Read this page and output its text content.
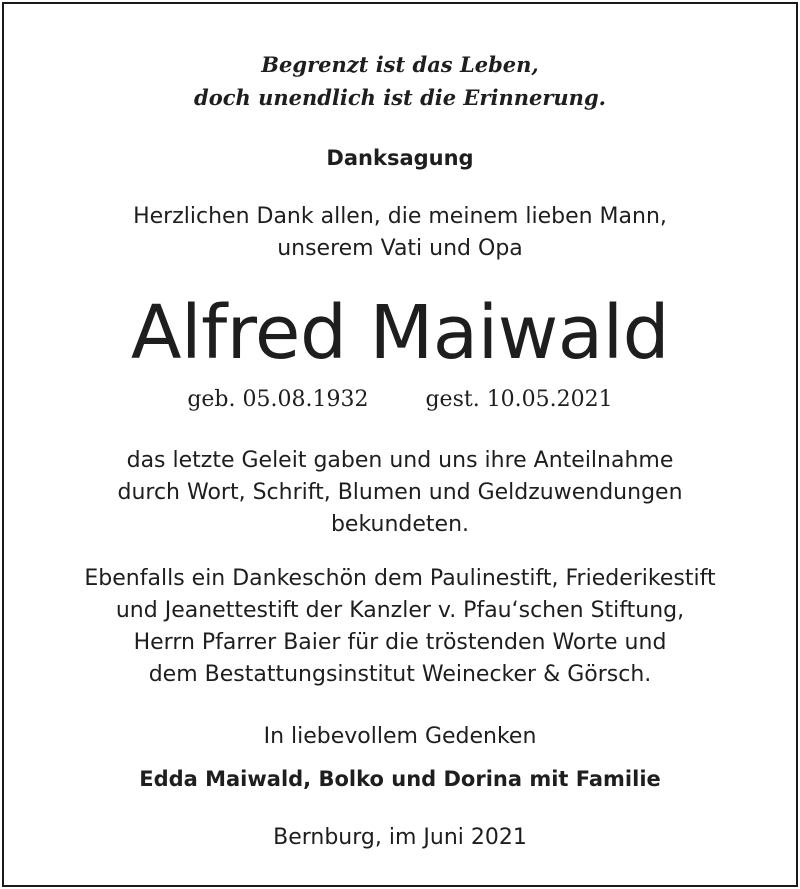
Begrenzt ist das Leben,
doch unendlich ist die Erinnerung.
Danksagung
Herzlichen Dank allen, die meinem lieben Mann,
unserem Vati und Opa
Alfred Maiwald
geb. 05.08.1932	gest. 10.05.2021
das letzte Geleit gaben und uns ihre Anteilnahme
durch Wort, Schrift, Blumen und Geldzuwendungen
bekundeten.
Ebenfalls ein Dankeschön dem Paulinestift, Friederikestift
und Jeanettestift der Kanzler v. Pfau‘schen Stiftung,
Herrn Pfarrer Baier für die tröstenden Worte und
dem Bestattungsinstitut Weinecker & Görsch.
In liebevollem Gedenken
Edda Maiwald, Bolko und Dorina mit Familie
Bernburg, im Juni 2021
